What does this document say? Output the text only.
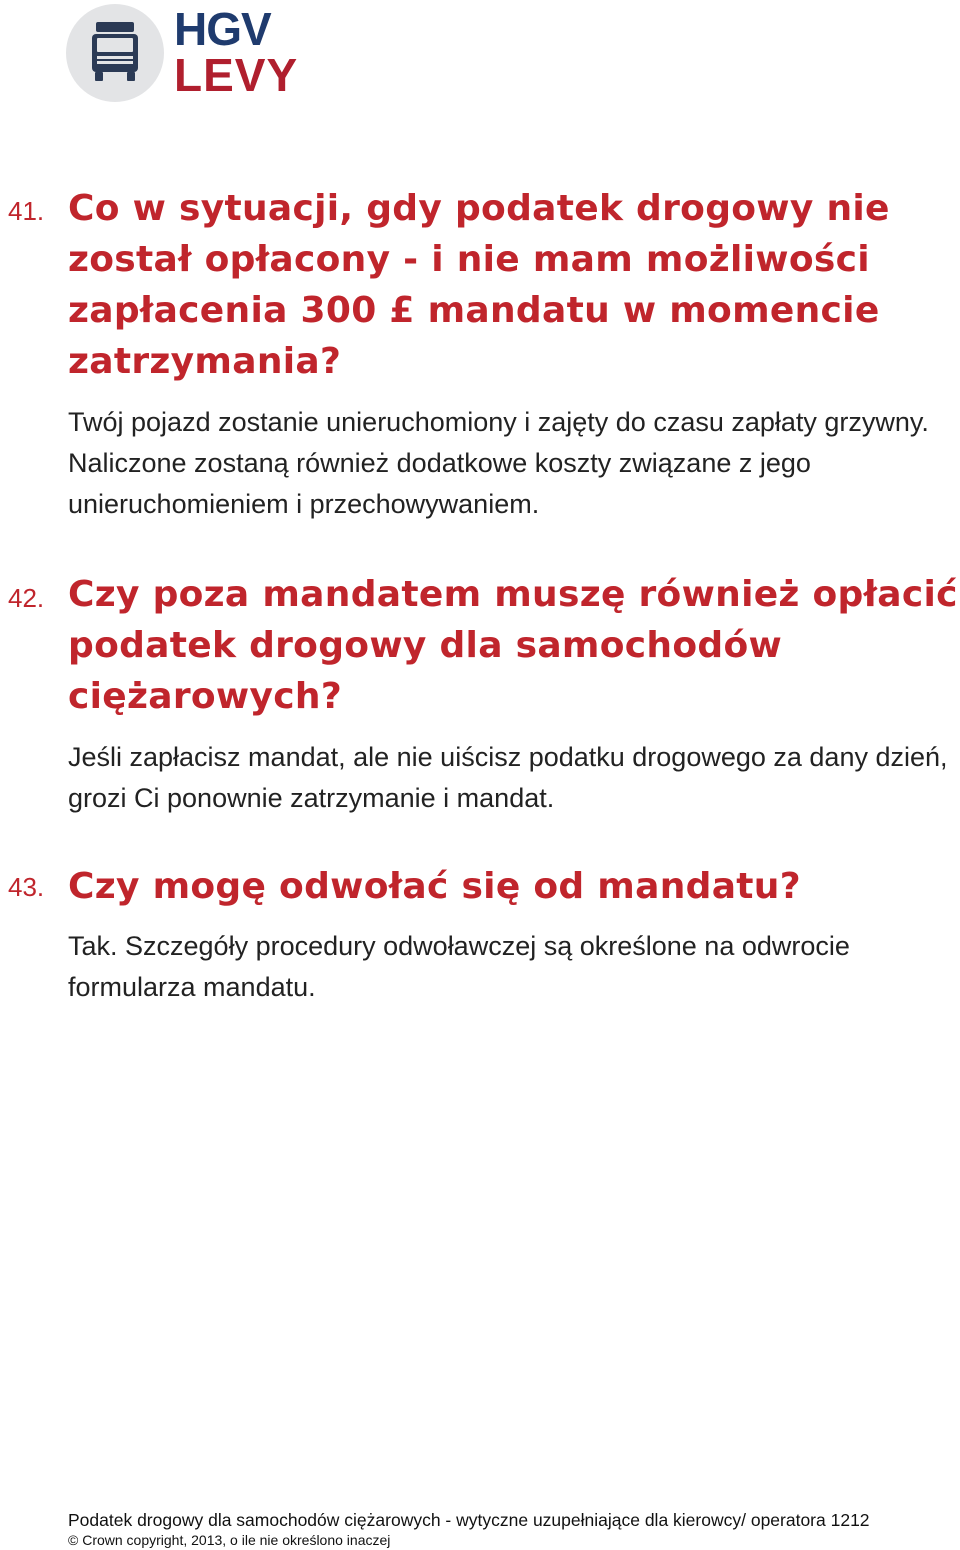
HGV
LEVY
41. Co w sytuacji, gdy podatek drogowy nie został opłacony - i nie mam możliwości zapłacenia 300 £ mandatu w momencie zatrzymania?
Twój pojazd zostanie unieruchomiony i zajęty do czasu zapłaty grzywny. Naliczone zostaną również dodatkowe koszty związane z jego unieruchomieniem i przechowywaniem.
42. Czy poza mandatem muszę również opłacić podatek drogowy dla samochodów ciężarowych?
Jeśli zapłacisz mandat, ale nie uiścisz podatku drogowego za dany dzień, grozi Ci ponownie zatrzymanie i mandat.
43. Czy mogę odwołać się od mandatu?
Tak. Szczegóły procedury odwoławczej są określone na odwrocie formularza mandatu.
Podatek drogowy dla samochodów ciężarowych - wytyczne uzupełniające dla kierowcy/ operatora 1212
© Crown copyright, 2013, o ile nie określono inaczej
